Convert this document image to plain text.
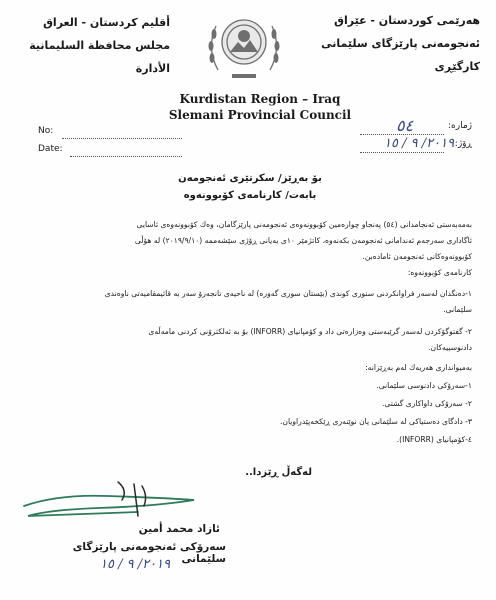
هەرێمی كوردستان - عێراق
ئەنجومەنی پارێزگای سلێمانی
كارگێڕی
أقليم كردستان - العراق
مجلس محافظة السليمانية
الأدارة
Kurdistan Region – Iraq
Slemani Provincial Council
No:
Date:
ژمارە:
ڕۆژ:
٥٤
٢٠١٩/ ٩ / ١٥
بۆ بەڕێز/ سكرتێری ئەنجومەن
بابەت/ كارنامەی كۆبوونەوە
بەمەبەستی ئەنجامدانی (٥٤) پەنجاو چوارەمین كۆبوونەوەی ئەنجومەنی پارێزگامان، وەك كۆبوونەوەی ئاسایی
ئاگاداری سەرجەم ئەندامانی ئەنجومەن بكەنەوە، كاتژمێر ١٠ی بەیانی ڕۆژی سێشەممە (٢٠١٩/٩/١٠) لە هۆڵی
كۆبوونەوەكانی ئەنجومەن ئامادەبن.
كارنامەی كۆبوونەوە:
١-دەنگدان لەسەر فراوانكردنی سنوری كوندی (بێستان سوری گەورە) لە ناحیەی تانجەرۆ سەر بە قائیمقامیەتی ناوەندی
سلێمانی.
٢- گفتوگۆكردن لەسەر گرێبەستی وەزارەتی داد و كۆمپانیای (INFORR) بۆ بە ئەلكترۆنی كردنی مامەڵەی
دادنوسییەكان.
بەمیوانداری هەریەك لەم بەڕێزانە:
١-سەرۆكی دادنوسی سلێمانی.
٢- سەرۆكی داواكاری گشتی.
٣- دادگای دەستیاكی لە سلێمانی یان نوێنەری ڕێكخەپێدراویان.
٤-كۆمپانیای (INFORR).
لەگەڵ ڕێزدا..
ئازاد محمد أمین
سەرۆكی ئەنجومەنی پارێزگای سلێمانی
٢٠١٩/ ٩ / ١٥
